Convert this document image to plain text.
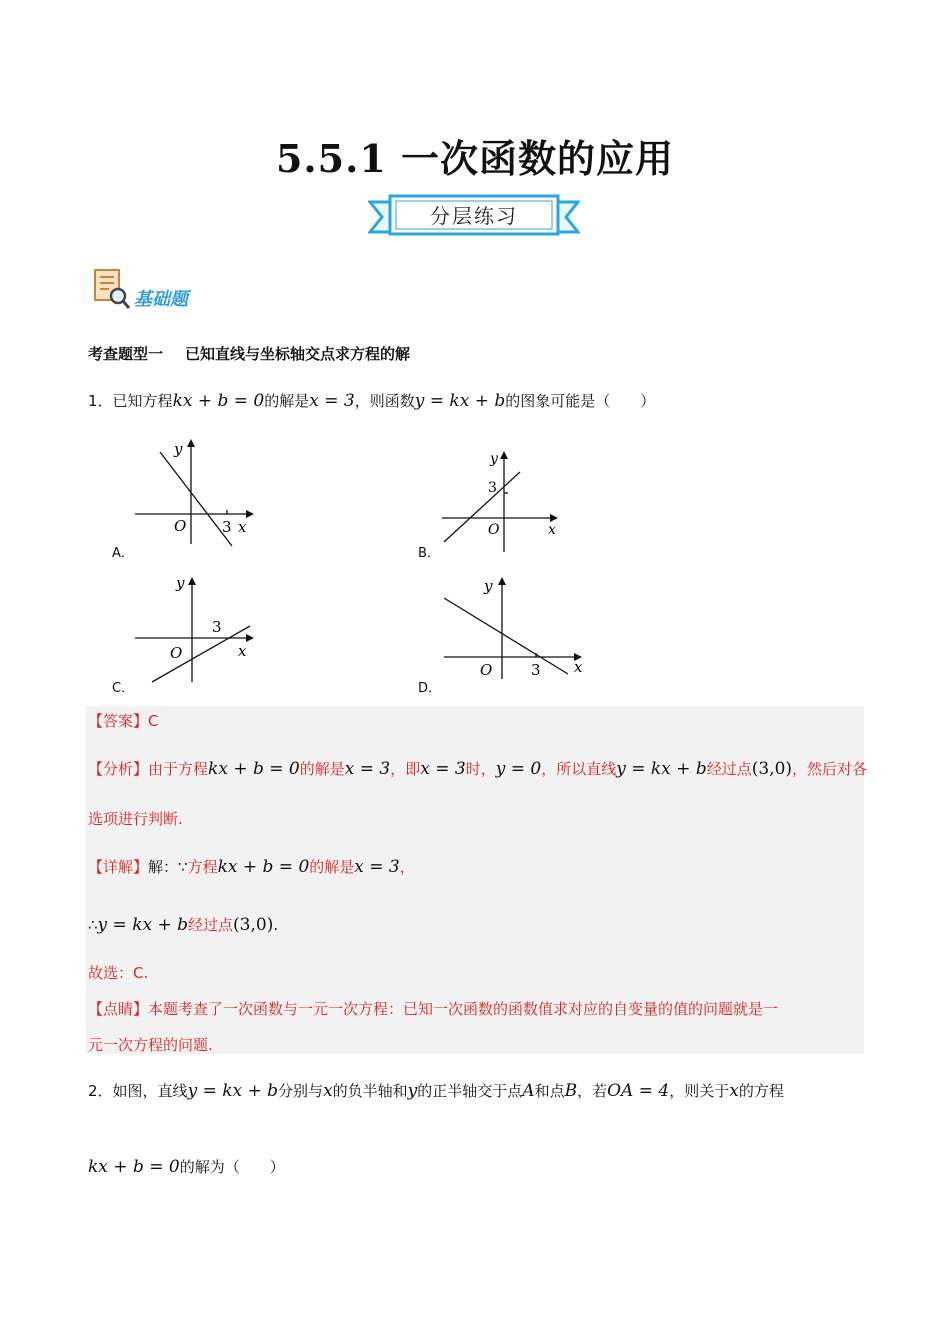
5.5.1 一次函数的应用
分层练习
基础题
考查题型一 已知直线与坐标轴交点求方程的解
1．已知方程kx + b = 0的解是x = 3，则函数y = kx + b的图象可能是（　　）
y
O 3 x
A．
y
3
O	x
B．
y
3
O	x
C．
y
O	3 x
D．
【答案】C
【分析】由于方程kx + b = 0的解是x = 3，即x = 3时，y = 0，所以直线y = kx + b经过点(3,0)，然后对各
选项进行判断.
【详解】解：∵方程kx + b = 0的解是x = 3，
∴y = kx + b经过点(3,0).
故选：C.
【点睛】本题考查了一次函数与一元一次方程：已知一次函数的函数值求对应的自变量的值的问题就是一
元一次方程的问题.
2．如图，直线y = kx + b分别与x的负半轴和y的正半轴交于点A和点B，若OA = 4，则关于x的方程
kx + b = 0的解为（　　）
